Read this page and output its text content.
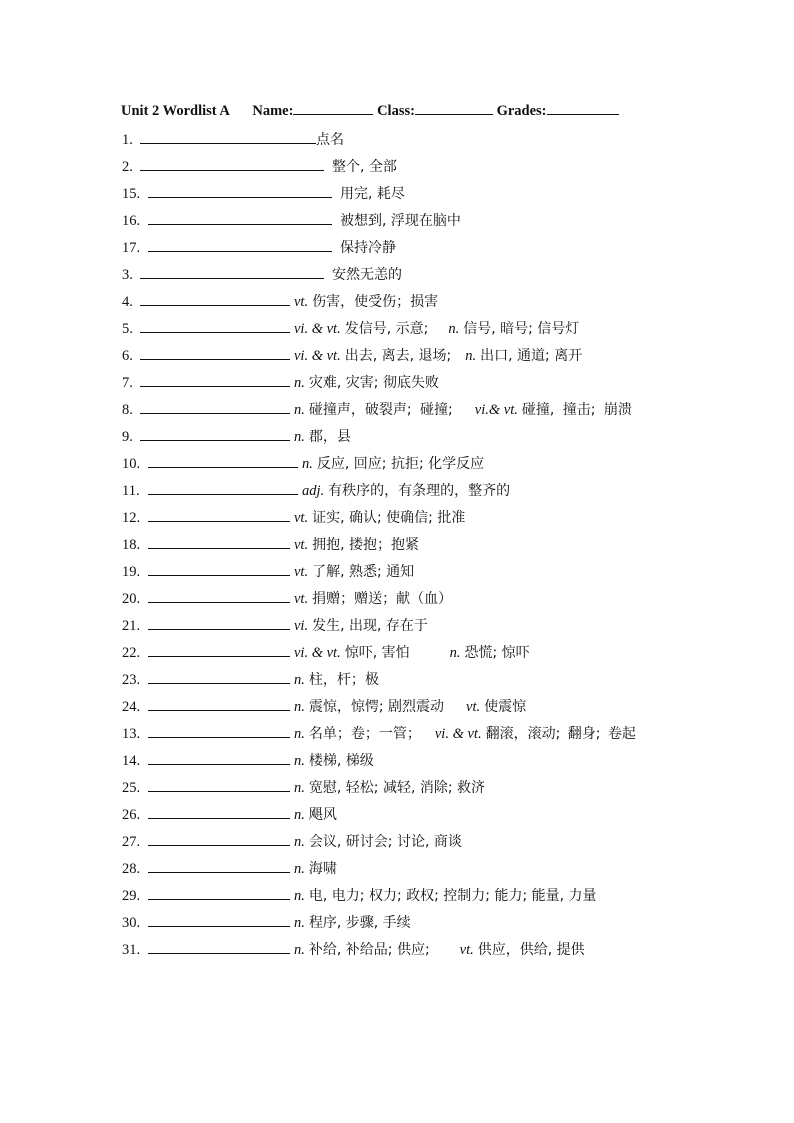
Unit 2 Wordlist A Name:	Class:	Grades:
1.	点名
2.	整个, 全部
15.	用完, 耗尽
16.	被想到, 浮现在脑中
17.	保持冷静
3.	安然无恙的
4.	vt. 伤害，使受伤；损害
5.	vi. & vt. 发信号, 示意; n. 信号, 暗号; 信号灯
6.	vi. & vt. 出去, 离去, 退场; n. 出口, 通道; 离开
7.	n. 灾难, 灾害; 彻底失败
8.	n. 碰撞声，破裂声; 碰撞; vi.& vt. 碰撞, 撞击; 崩溃
9.	n. 郡，县
10.	n. 反应, 回应; 抗拒; 化学反应
11.	adj. 有秩序的，有条理的，整齐的
12.	vt. 证实, 确认; 使确信; 批准
18.	vt. 拥抱, 搂抱；抱紧
19.	vt. 了解, 熟悉; 通知
20.	vt. 捐赠；赠送；献（血）
21.	vi. 发生, 出现, 存在于
22.	vi. & vt. 惊吓, 害怕	n. 恐慌; 惊吓
23.	n. 柱，杆；极
24.	n. 震惊，惊愕; 剧烈震动 vt. 使震惊
13.	n. 名单；卷；一管； vi. & vt. 翻滚，滚动; 翻身; 卷起
14.	n. 楼梯, 梯级
25.	n. 宽慰, 轻松; 减轻, 消除; 救济
26.	n. 飓风
27.	n. 会议, 研讨会; 讨论, 商谈
28.	n. 海啸
29.	n. 电, 电力; 权力; 政权; 控制力; 能力; 能量, 力量
30.	n. 程序, 步骤, 手续
31.	n. 补给, 补给品; 供应; vt. 供应，供给, 提供
